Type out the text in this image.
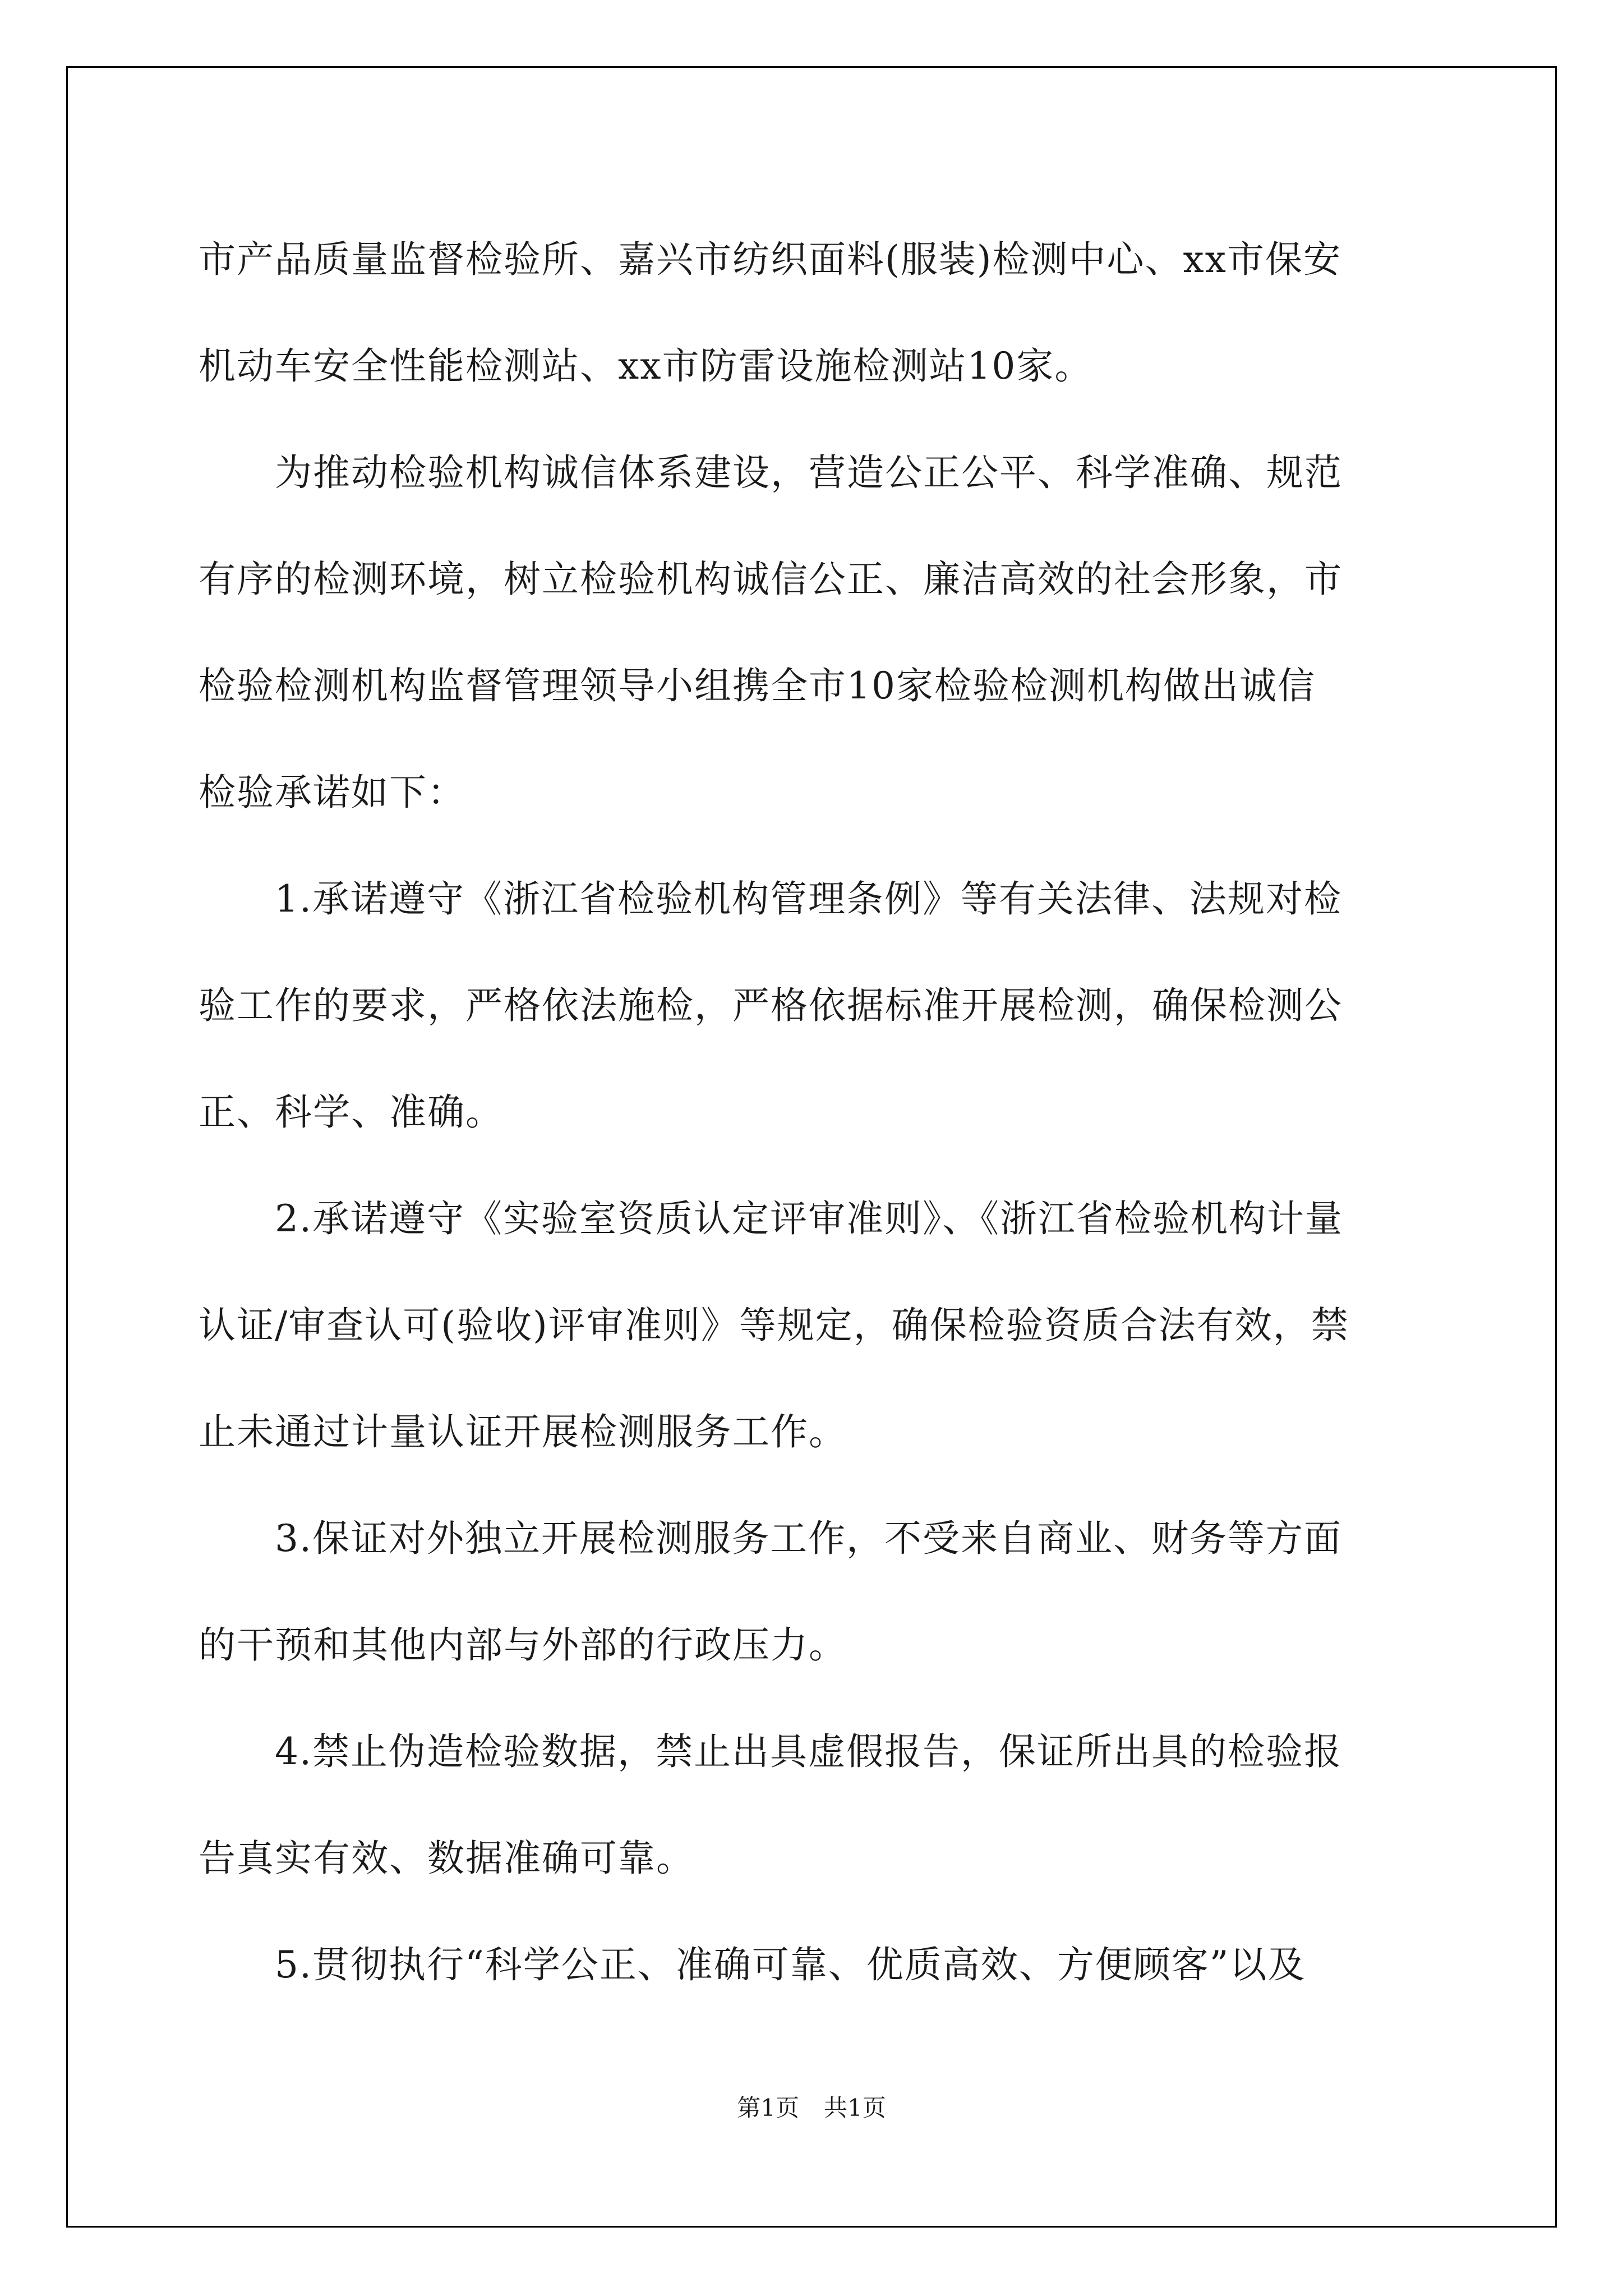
市产品质量监督检验所、嘉兴市纺织面料(服装)检测中心、xx市保安
机动车安全性能检测站、xx市防雷设施检测站10家。
为推动检验机构诚信体系建设，营造公正公平、科学准确、规范
有序的检测环境，树立检验机构诚信公正、廉洁高效的社会形象，市
检验检测机构监督管理领导小组携全市10家检验检测机构做出诚信
检验承诺如下：
1.承诺遵守《浙江省检验机构管理条例》等有关法律、法规对检
验工作的要求，严格依法施检，严格依据标准开展检测，确保检测公
正、科学、准确。
2.承诺遵守《实验室资质认定评审准则》、《浙江省检验机构计量
认证/审查认可(验收)评审准则》等规定，确保检验资质合法有效，禁
止未通过计量认证开展检测服务工作。
3.保证对外独立开展检测服务工作，不受来自商业、财务等方面
的干预和其他内部与外部的行政压力。
4.禁止伪造检验数据，禁止出具虚假报告，保证所出具的检验报
告真实有效、数据准确可靠。
5.贯彻执行“科学公正、准确可靠、优质高效、方便顾客”以及
第1页 共1页
